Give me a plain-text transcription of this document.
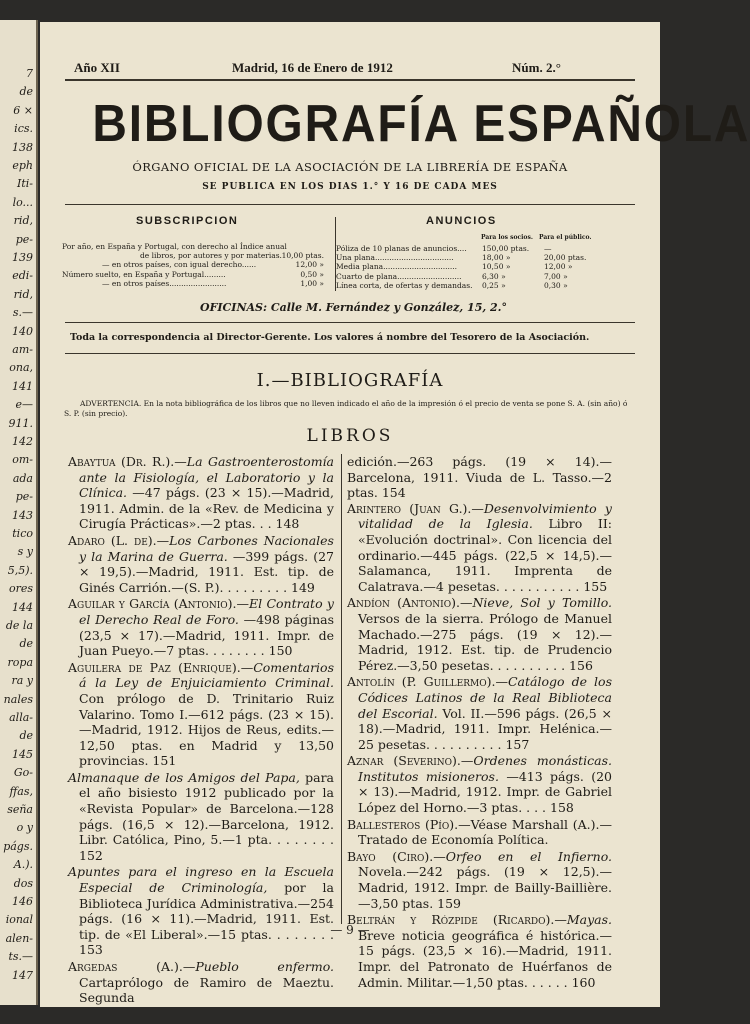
7
de
6 ×
ics.
138
eph
Iti-
lo...
rid,
pe-
139
edi-
rid,
s.—
140
am-
ona,
141
e—
911.
142
om-
ada
pe-
143
tico
s y
5,5).
ores
144
de la
de
ropa
ra y
nales
alla-
de
145
Go-
ffas,
seña
o y
págs.
A.).
dos
146
ional
alen-
ts.—
147
Año XII	Madrid, 16 de Enero de 1912	Núm. 2.°
BIBLIOGRAFÍA ESPAÑOLA
ÓRGANO OFICIAL DE LA ASOCIACIÓN DE LA LIBRERÍA DE ESPAÑA
SE PUBLICA EN LOS DIAS 1.° Y 16 DE CADA MES
SUBSCRIPCION
Por año, en España y Portugal, con derecho al Índice anual
de libros, por autores y por materias. 10,00 ptas.
— en otros países, con igual derecho......	12,00 »
Número suelto, en España y Portugal.........	0,50 »
— en otros países........................	1,00 »
ANUNCIOS
Para los socios. Para el público.
Póliza de 10 planas de anuncios.... 150,00 ptas. —
Una plana.................................	18,00 »	20,00 ptas.
Media plana...............................	10,50 »	12,00 »
Cuarto de plana...........................	6,30 »	7,00 »
Línea corta, de ofertas y demandas. 0,25 »	0,30 »
OFICINAS: Calle M. Fernández y González, 15, 2.°
Toda la correspondencia al Director-Gerente. Los valores á nombre del Tesorero de la Asociación.
I.—BIBLIOGRAFÍA
ADVERTENCIA. En la nota bibliográfica de los libros que no lleven indicado el año de la impresión ó el precio de venta se pone S. A. (sin año) ó S. P. (sin precio).
LIBROS

Abaytua (Dr. R.).—La Gastroenterostomía ante la Fisiología, el Laboratorio y la Clínica. —47 págs. (23 × 15).—Madrid, 1911. Admin. de la «Rev. de Medicina y Cirugía Prácticas».—2 ptas. . . 148

Adaro (L. de).—Los Carbones Nacionales y la Marina de Guerra. —399 págs. (27 × 19,5).—Madrid, 1911. Est. tip. de Ginés Carrión.—(S. P.). . . . . . . . . 149

Aguilar y García (Antonio).—El Contrato y el Derecho Real de Foro. —498 páginas (23,5 × 17).—Madrid, 1911. Impr. de Juan Pueyo.—7 ptas. . . . . . . . 150

Aguilera de Paz (Enrique).—Comentarios á la Ley de Enjuiciamiento Criminal. Con prólogo de D. Trinitario Ruiz Valarino. Tomo I.—612 págs. (23 × 15).—Madrid, 1912. Hijos de Reus, edits.—12,50 ptas. en Madrid y 13,50 provincias. 151

Almanaque de los Amigos del Papa, para el año bisiesto 1912 publicado por la «Revista Popular» de Barcelona.—128 págs. (16,5 × 12).—Barcelona, 1912. Libr. Católica, Pino, 5.—1 pta. . . . . . . . 152

Apuntes para el ingreso en la Escuela Especial de Criminología, por la Biblioteca Jurídica Administrativa.—254 págs. (16 × 11).—Madrid, 1911. Est. tip. de «El Liberal».—15 ptas. . . . . . . . 153

Argedas (A.).—Pueblo enfermo. Cartaprólogo de Ramiro de Maeztu. Segunda

edición.—263 págs. (19 × 14).—Barcelona, 1911. Viuda de L. Tasso.—2 ptas. 154

Arintero (Juan G.).—Desenvolvimiento y vitalidad de la Iglesia. Libro II: «Evolución doctrinal». Con licencia del ordinario.—445 págs. (22,5 × 14,5).—Salamanca, 1911. Imprenta de Calatrava.—4 pesetas. . . . . . . . . . . 155

Andíon (Antonio).—Nieve, Sol y Tomillo. Versos de la sierra. Prólogo de Manuel Machado.—275 págs. (19 × 12).—Madrid, 1912. Est. tip. de Prudencio Pérez.—3,50 pesetas. . . . . . . . . . 156

Antolín (P. Guillermo).—Catálogo de los Códices Latinos de la Real Biblioteca del Escorial. Vol. II.—596 págs. (26,5 × 18).—Madrid, 1911. Impr. Helénica.—25 pesetas. . . . . . . . . . 157

Aznar (Severino).—Ordenes monásticas. Institutos misioneros. —413 págs. (20 × 13).—Madrid, 1912. Impr. de Gabriel López del Horno.—3 ptas. . . . 158

Ballesteros (Pío).—Véase Marshall (A.).—Tratado de Economía Política.

Bayo (Ciro).—Orfeo en el Infierno. Novela.—242 págs. (19 × 12,5).—Madrid, 1912. Impr. de Bailly-Baillière.—3,50 ptas. 159

Beltrán y Rózpide (Ricardo).—Mayas. Breve noticia geográfica é histórica.—15 págs. (23,5 × 16).—Madrid, 1911. Impr. del Patronato de Huérfanos de Admin. Militar.—1,50 ptas. . . . . . 160

— 9 —
